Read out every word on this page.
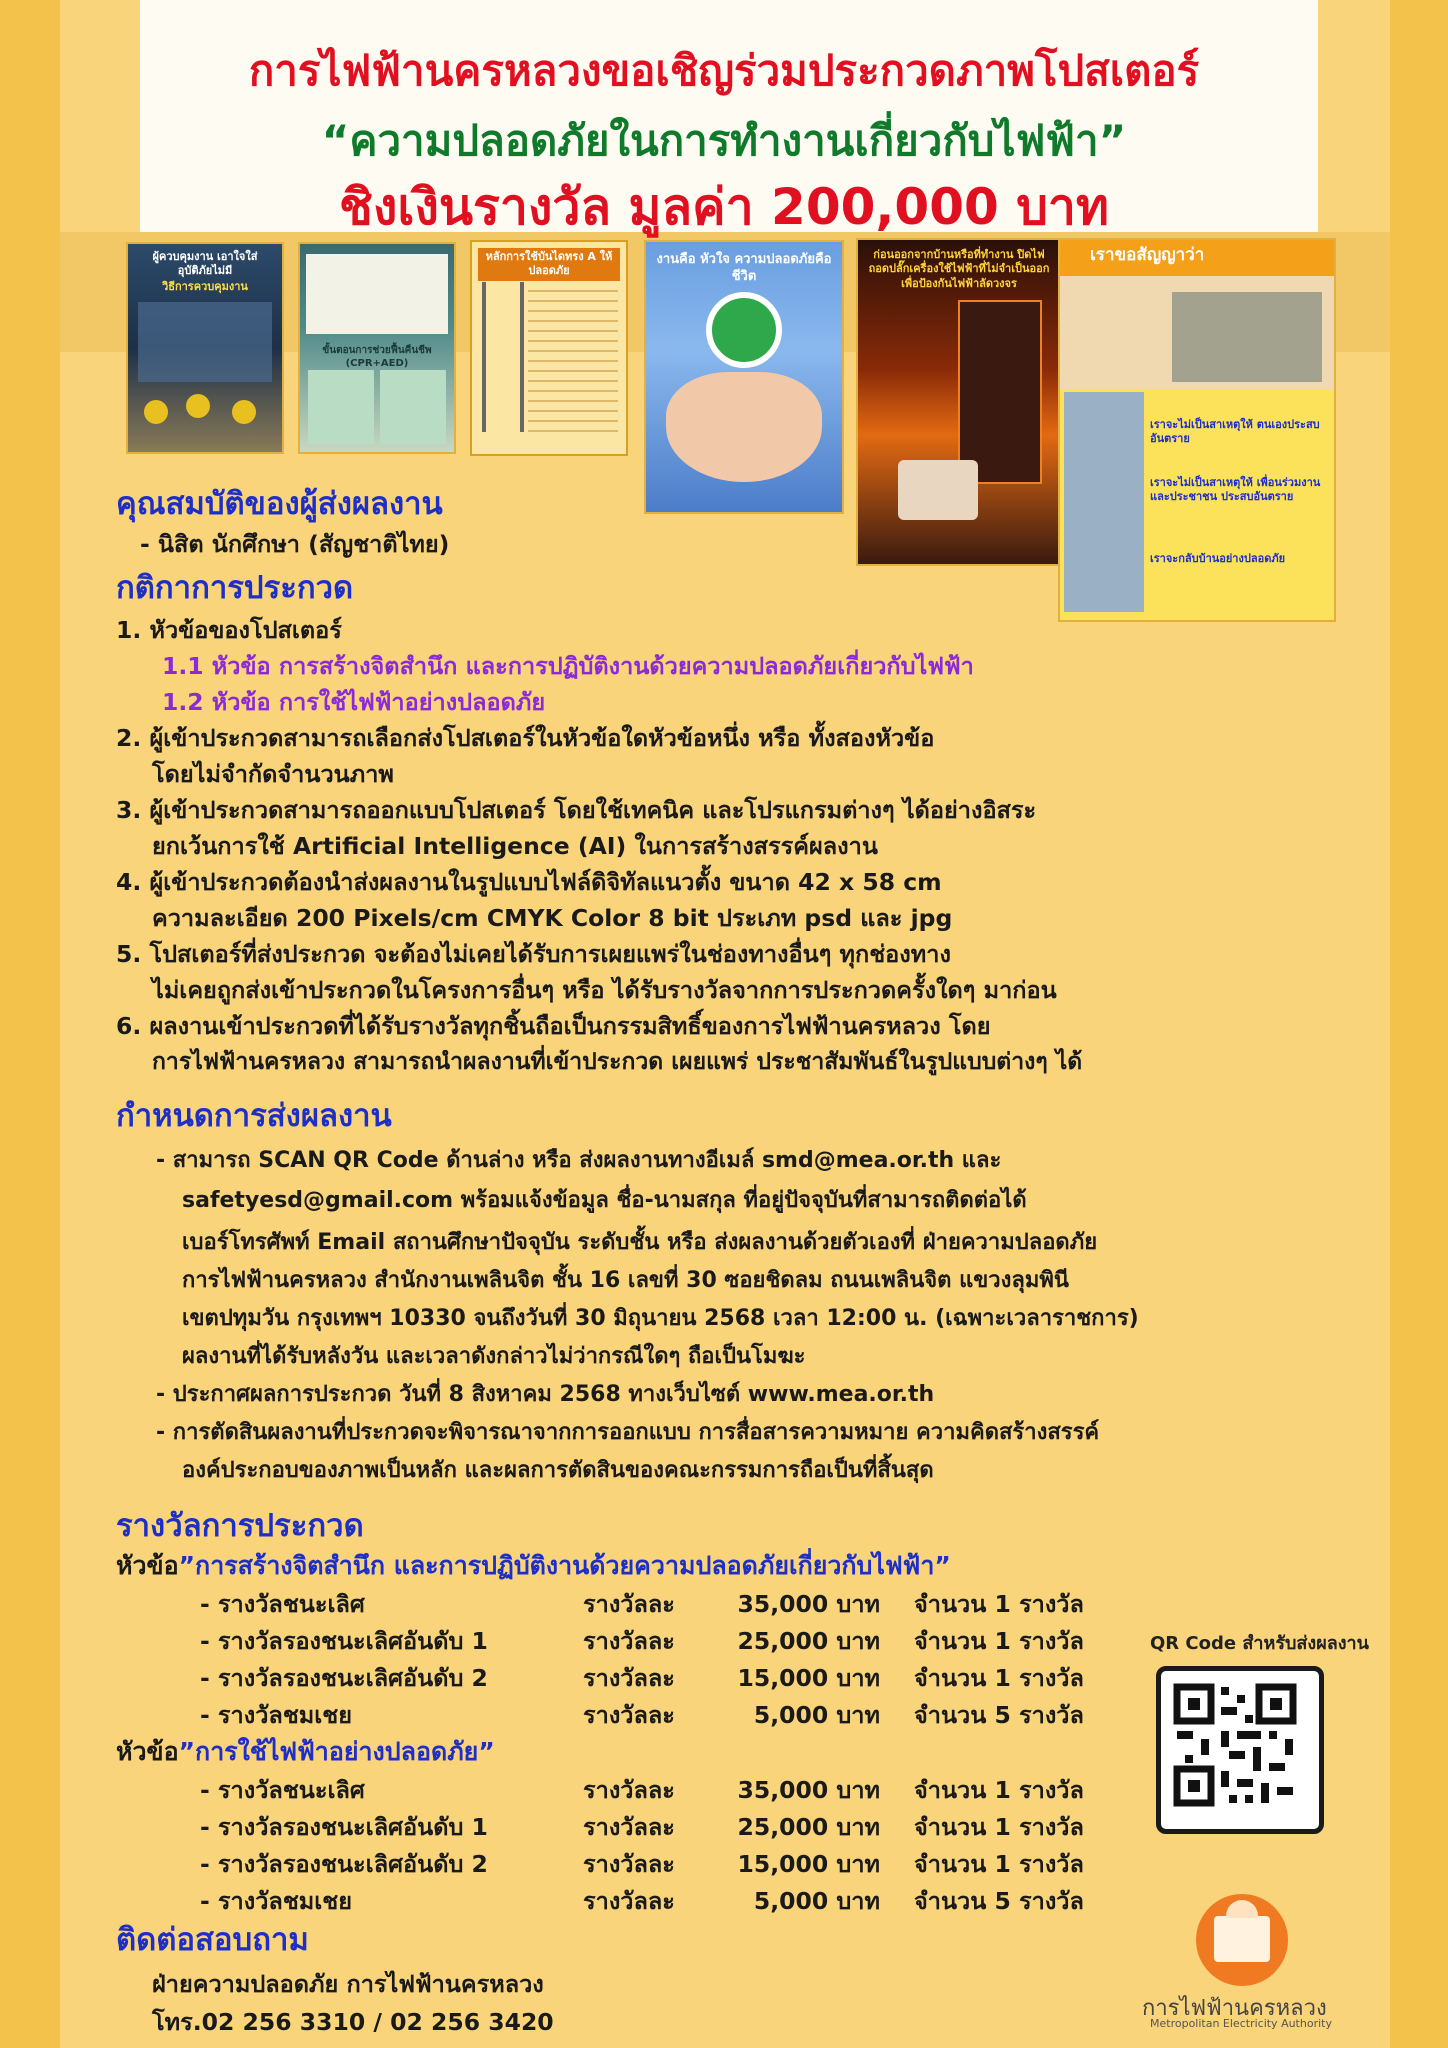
การไฟฟ้านครหลวงขอเชิญร่วมประกวดภาพโปสเตอร์
“ความปลอดภัยในการทำงานเกี่ยวกับไฟฟ้า”
ชิงเงินรางวัล มูลค่า 200,000 บาท
ผู้ควบคุมงาน เอาใจใส่ อุบัติภัยไม่มี
วิธีการควบคุมงาน
ขั้นตอนการช่วยฟื้นคืนชีพ (CPR+AED)
หลักการใช้บันไดทรง A ให้ปลอดภัย
งานคือ หัวใจ ความปลอดภัยคือ ชีวิต
ก่อนออกจากบ้านหรือที่ทำงาน ปิดไฟ ถอดปลั๊กเครื่องใช้ไฟฟ้าที่ไม่จำเป็นออก เพื่อป้องกันไฟฟ้าลัดวงจร
เราขอสัญญาว่า
เราจะไม่เป็นสาเหตุให้ ตนเองประสบอันตราย
เราจะไม่เป็นสาเหตุให้ เพื่อนร่วมงานและประชาชน ประสบอันตราย
เราจะกลับบ้านอย่างปลอดภัย
คุณสมบัติของผู้ส่งผลงาน
- นิสิต นักศึกษา (สัญชาติไทย)
กติกาการประกวด
1. หัวข้อของโปสเตอร์
1.1 หัวข้อ การสร้างจิตสำนึก และการปฏิบัติงานด้วยความปลอดภัยเกี่ยวกับไฟฟ้า
1.2 หัวข้อ การใช้ไฟฟ้าอย่างปลอดภัย
2. ผู้เข้าประกวดสามารถเลือกส่งโปสเตอร์ในหัวข้อใดหัวข้อหนึ่ง หรือ ทั้งสองหัวข้อ
โดยไม่จำกัดจำนวนภาพ
3. ผู้เข้าประกวดสามารถออกแบบโปสเตอร์ โดยใช้เทคนิค และโปรแกรมต่างๆ ได้อย่างอิสระ
ยกเว้นการใช้ Artificial Intelligence (AI) ในการสร้างสรรค์ผลงาน
4. ผู้เข้าประกวดต้องนำส่งผลงานในรูปแบบไฟล์ดิจิทัลแนวตั้ง ขนาด 42 x 58 cm
ความละเอียด 200 Pixels/cm CMYK Color 8 bit ประเภท psd และ jpg
5. โปสเตอร์ที่ส่งประกวด จะต้องไม่เคยได้รับการเผยแพร่ในช่องทางอื่นๆ ทุกช่องทาง
ไม่เคยถูกส่งเข้าประกวดในโครงการอื่นๆ หรือ ได้รับรางวัลจากการประกวดครั้งใดๆ มาก่อน
6. ผลงานเข้าประกวดที่ได้รับรางวัลทุกชิ้นถือเป็นกรรมสิทธิ์ของการไฟฟ้านครหลวง โดย
การไฟฟ้านครหลวง สามารถนำผลงานที่เข้าประกวด เผยแพร่ ประชาสัมพันธ์ในรูปแบบต่างๆ ได้
กำหนดการส่งผลงาน
- สามารถ SCAN QR Code ด้านล่าง หรือ ส่งผลงานทางอีเมล์ smd@mea.or.th และ
safetyesd@gmail.com พร้อมแจ้งข้อมูล ชื่อ-นามสกุล ที่อยู่ปัจจุบันที่สามารถติดต่อได้
เบอร์โทรศัพท์ Email สถานศึกษาปัจจุบัน ระดับชั้น หรือ ส่งผลงานด้วยตัวเองที่ ฝ่ายความปลอดภัย
การไฟฟ้านครหลวง สำนักงานเพลินจิต ชั้น 16 เลขที่ 30 ซอยชิดลม ถนนเพลินจิต แขวงลุมพินี
เขตปทุมวัน กรุงเทพฯ 10330 จนถึงวันที่ 30 มิถุนายน 2568 เวลา 12:00 น. (เฉพาะเวลาราชการ)
ผลงานที่ได้รับหลังวัน และเวลาดังกล่าวไม่ว่ากรณีใดๆ ถือเป็นโมฆะ
- ประกาศผลการประกวด วันที่ 8 สิงหาคม 2568 ทางเว็บไซต์ www.mea.or.th
- การตัดสินผลงานที่ประกวดจะพิจารณาจากการออกแบบ การสื่อสารความหมาย ความคิดสร้างสรรค์
องค์ประกอบของภาพเป็นหลัก และผลการตัดสินของคณะกรรมการถือเป็นที่สิ้นสุด
รางวัลการประกวด
หัวข้อ”การสร้างจิตสำนึก และการปฏิบัติงานด้วยความปลอดภัยเกี่ยวกับไฟฟ้า”
- รางวัลชนะเลิศ	รางวัลละ	35,000 บาท จำนวน 1 รางวัล
- รางวัลรองชนะเลิศอันดับ 1	รางวัลละ	25,000 บาท จำนวน 1 รางวัล
- รางวัลรองชนะเลิศอันดับ 2	รางวัลละ	15,000 บาท จำนวน 1 รางวัล
- รางวัลชมเชย	รางวัลละ	5,000 บาท จำนวน 5 รางวัล
หัวข้อ”การใช้ไฟฟ้าอย่างปลอดภัย”
- รางวัลชนะเลิศ	รางวัลละ	35,000 บาท จำนวน 1 รางวัล
- รางวัลรองชนะเลิศอันดับ 1	รางวัลละ	25,000 บาท จำนวน 1 รางวัล
- รางวัลรองชนะเลิศอันดับ 2	รางวัลละ	15,000 บาท จำนวน 1 รางวัล
- รางวัลชมเชย	รางวัลละ	5,000 บาท จำนวน 5 รางวัล
QR Code สำหรับส่งผลงาน
ติดต่อสอบถาม
ฝ่ายความปลอดภัย การไฟฟ้านครหลวง
โทร.02 256 3310 / 02 256 3420	การไฟฟ้านครหลวง
Metropolitan Electricity Authority
